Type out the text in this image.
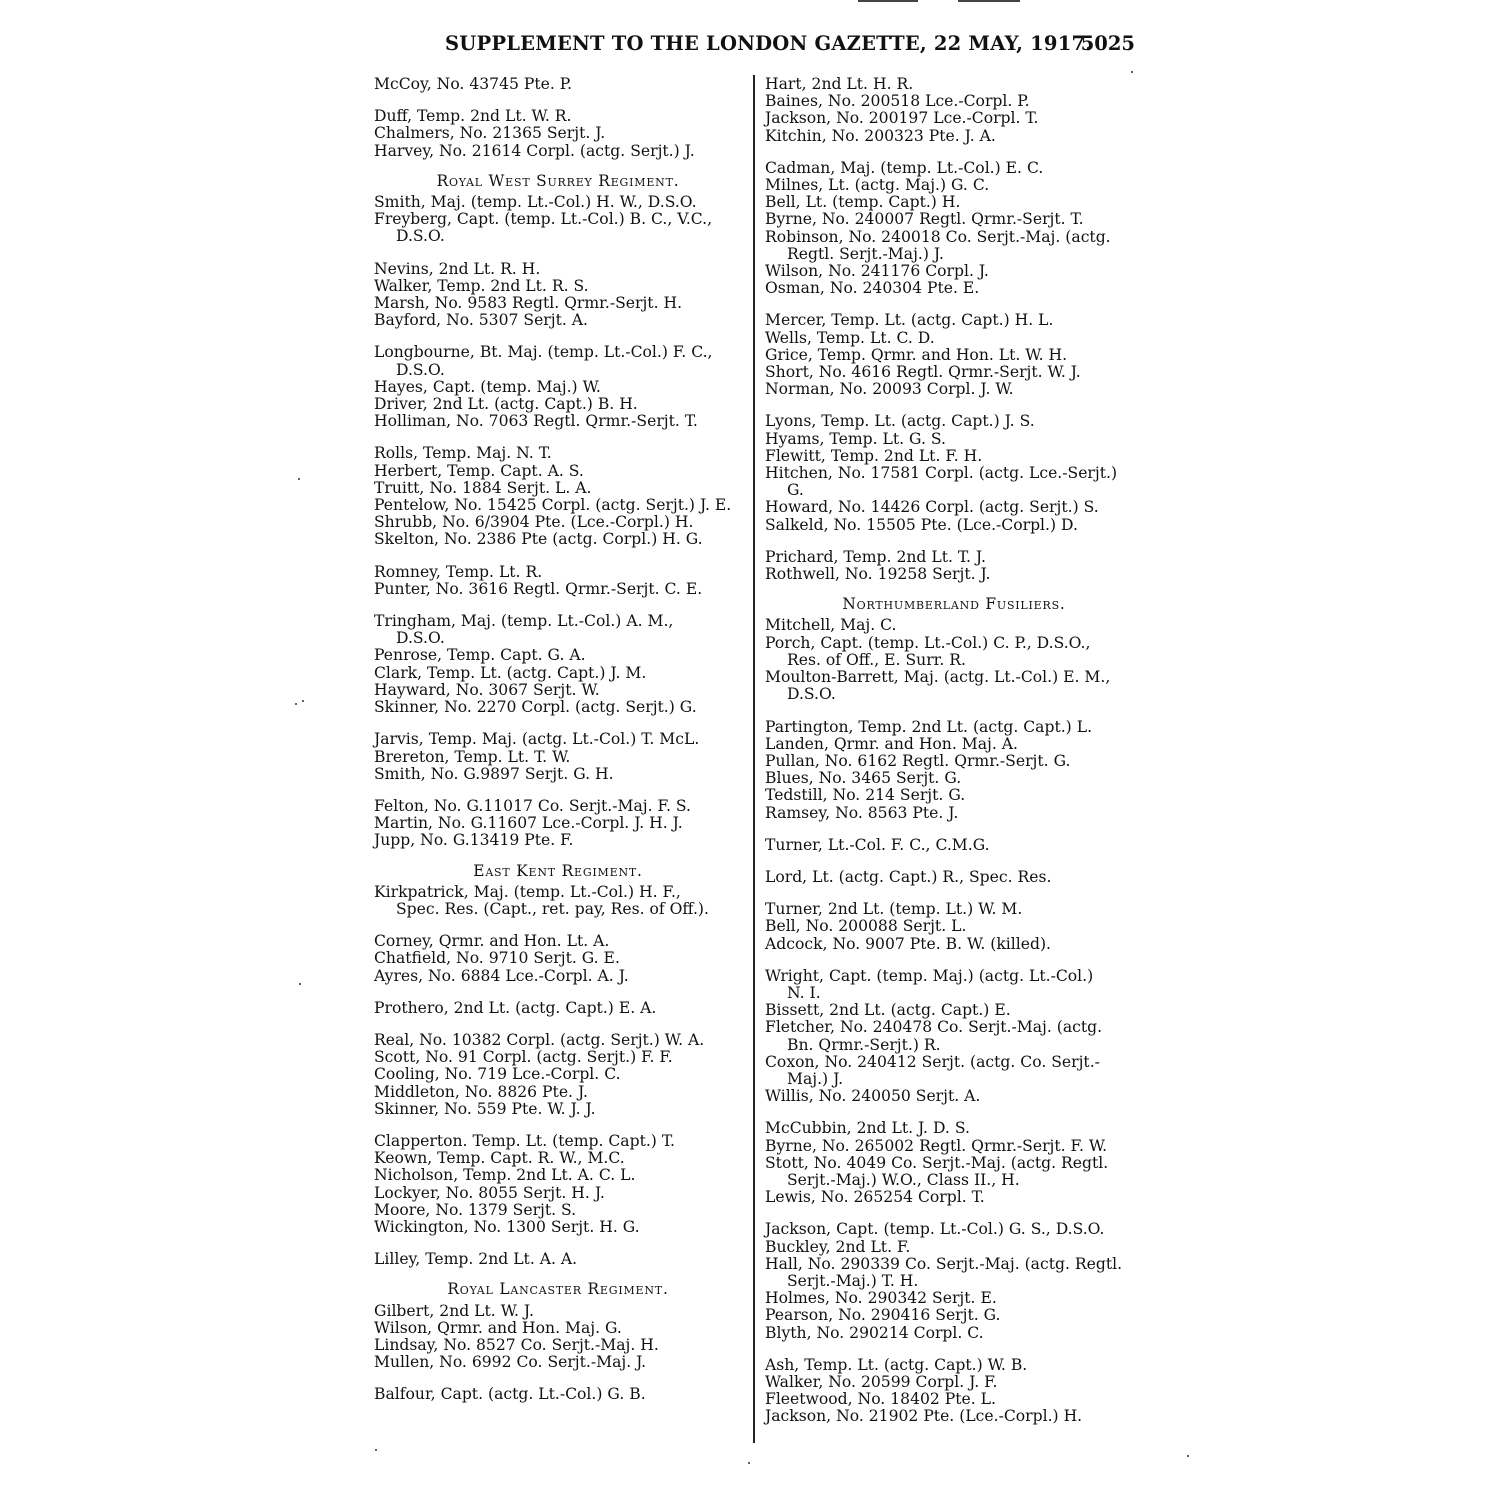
SUPPLEMENT TO THE LONDON GAZETTE, 22 MAY, 1917.
5025
McCoy, No. 43745 Pte. P.
Duff, Temp. 2nd Lt. W. R.
Chalmers, No. 21365 Serjt. J.
Harvey, No. 21614 Corpl. (actg. Serjt.) J.
Royal West Surrey Regiment.
Smith, Maj. (temp. Lt.-Col.) H. W., D.S.O.
Freyberg, Capt. (temp. Lt.-Col.) B. C., V.C.,
D.S.O.
Nevins, 2nd Lt. R. H.
Walker, Temp. 2nd Lt. R. S.
Marsh, No. 9583 Regtl. Qrmr.-Serjt. H.
Bayford, No. 5307 Serjt. A.
Longbourne, Bt. Maj. (temp. Lt.-Col.) F. C.,
D.S.O.
Hayes, Capt. (temp. Maj.) W.
Driver, 2nd Lt. (actg. Capt.) B. H.
Holliman, No. 7063 Regtl. Qrmr.-Serjt. T.
Rolls, Temp. Maj. N. T.
Herbert, Temp. Capt. A. S.
Truitt, No. 1884 Serjt. L. A.
Pentelow, No. 15425 Corpl. (actg. Serjt.) J. E.
Shrubb, No. 6/3904 Pte. (Lce.-Corpl.) H.
Skelton, No. 2386 Pte (actg. Corpl.) H. G.
Romney, Temp. Lt. R.
Punter, No. 3616 Regtl. Qrmr.-Serjt. C. E.
Tringham, Maj. (temp. Lt.-Col.) A. M.,
D.S.O.
Penrose, Temp. Capt. G. A.
Clark, Temp. Lt. (actg. Capt.) J. M.
Hayward, No. 3067 Serjt. W.
Skinner, No. 2270 Corpl. (actg. Serjt.) G.
Jarvis, Temp. Maj. (actg. Lt.-Col.) T. McL.
Brereton, Temp. Lt. T. W.
Smith, No. G.9897 Serjt. G. H.
Felton, No. G.11017 Co. Serjt.-Maj. F. S.
Martin, No. G.11607 Lce.-Corpl. J. H. J.
Jupp, No. G.13419 Pte. F.
East Kent Regiment.
Kirkpatrick, Maj. (temp. Lt.-Col.) H. F.,
Spec. Res. (Capt., ret. pay, Res. of Off.).
Corney, Qrmr. and Hon. Lt. A.
Chatfield, No. 9710 Serjt. G. E.
Ayres, No. 6884 Lce.-Corpl. A. J.
Prothero, 2nd Lt. (actg. Capt.) E. A.
Real, No. 10382 Corpl. (actg. Serjt.) W. A.
Scott, No. 91 Corpl. (actg. Serjt.) F. F.
Cooling, No. 719 Lce.-Corpl. C.
Middleton, No. 8826 Pte. J.
Skinner, No. 559 Pte. W. J. J.
Clapperton. Temp. Lt. (temp. Capt.) T.
Keown, Temp. Capt. R. W., M.C.
Nicholson, Temp. 2nd Lt. A. C. L.
Lockyer, No. 8055 Serjt. H. J.
Moore, No. 1379 Serjt. S.
Wickington, No. 1300 Serjt. H. G.
Lilley, Temp. 2nd Lt. A. A.
Royal Lancaster Regiment.
Gilbert, 2nd Lt. W. J.
Wilson, Qrmr. and Hon. Maj. G.
Lindsay, No. 8527 Co. Serjt.-Maj. H.
Mullen, No. 6992 Co. Serjt.-Maj. J.
Balfour, Capt. (actg. Lt.-Col.) G. B.
Hart, 2nd Lt. H. R.
Baines, No. 200518 Lce.-Corpl. P.
Jackson, No. 200197 Lce.-Corpl. T.
Kitchin, No. 200323 Pte. J. A.
Cadman, Maj. (temp. Lt.-Col.) E. C.
Milnes, Lt. (actg. Maj.) G. C.
Bell, Lt. (temp. Capt.) H.
Byrne, No. 240007 Regtl. Qrmr.-Serjt. T.
Robinson, No. 240018 Co. Serjt.-Maj. (actg.
Regtl. Serjt.-Maj.) J.
Wilson, No. 241176 Corpl. J.
Osman, No. 240304 Pte. E.
Mercer, Temp. Lt. (actg. Capt.) H. L.
Wells, Temp. Lt. C. D.
Grice, Temp. Qrmr. and Hon. Lt. W. H.
Short, No. 4616 Regtl. Qrmr.-Serjt. W. J.
Norman, No. 20093 Corpl. J. W.
Lyons, Temp. Lt. (actg. Capt.) J. S.
Hyams, Temp. Lt. G. S.
Flewitt, Temp. 2nd Lt. F. H.
Hitchen, No. 17581 Corpl. (actg. Lce.-Serjt.)
G.
Howard, No. 14426 Corpl. (actg. Serjt.) S.
Salkeld, No. 15505 Pte. (Lce.-Corpl.) D.
Prichard, Temp. 2nd Lt. T. J.
Rothwell, No. 19258 Serjt. J.
Northumberland Fusiliers.
Mitchell, Maj. C.
Porch, Capt. (temp. Lt.-Col.) C. P., D.S.O.,
Res. of Off., E. Surr. R.
Moulton-Barrett, Maj. (actg. Lt.-Col.) E. M.,
D.S.O.
Partington, Temp. 2nd Lt. (actg. Capt.) L.
Landen, Qrmr. and Hon. Maj. A.
Pullan, No. 6162 Regtl. Qrmr.-Serjt. G.
Blues, No. 3465 Serjt. G.
Tedstill, No. 214 Serjt. G.
Ramsey, No. 8563 Pte. J.
Turner, Lt.-Col. F. C., C.M.G.
Lord, Lt. (actg. Capt.) R., Spec. Res.
Turner, 2nd Lt. (temp. Lt.) W. M.
Bell, No. 200088 Serjt. L.
Adcock, No. 9007 Pte. B. W. (killed).
Wright, Capt. (temp. Maj.) (actg. Lt.-Col.)
N. I.
Bissett, 2nd Lt. (actg. Capt.) E.
Fletcher, No. 240478 Co. Serjt.-Maj. (actg.
Bn. Qrmr.-Serjt.) R.
Coxon, No. 240412 Serjt. (actg. Co. Serjt.-
Maj.) J.
Willis, No. 240050 Serjt. A.
McCubbin, 2nd Lt. J. D. S.
Byrne, No. 265002 Regtl. Qrmr.-Serjt. F. W.
Stott, No. 4049 Co. Serjt.-Maj. (actg. Regtl.
Serjt.-Maj.) W.O., Class II., H.
Lewis, No. 265254 Corpl. T.
Jackson, Capt. (temp. Lt.-Col.) G. S., D.S.O.
Buckley, 2nd Lt. F.
Hall, No. 290339 Co. Serjt.-Maj. (actg. Regtl.
Serjt.-Maj.) T. H.
Holmes, No. 290342 Serjt. E.
Pearson, No. 290416 Serjt. G.
Blyth, No. 290214 Corpl. C.
Ash, Temp. Lt. (actg. Capt.) W. B.
Walker, No. 20599 Corpl. J. F.
Fleetwood, No. 18402 Pte. L.
Jackson, No. 21902 Pte. (Lce.-Corpl.) H.
